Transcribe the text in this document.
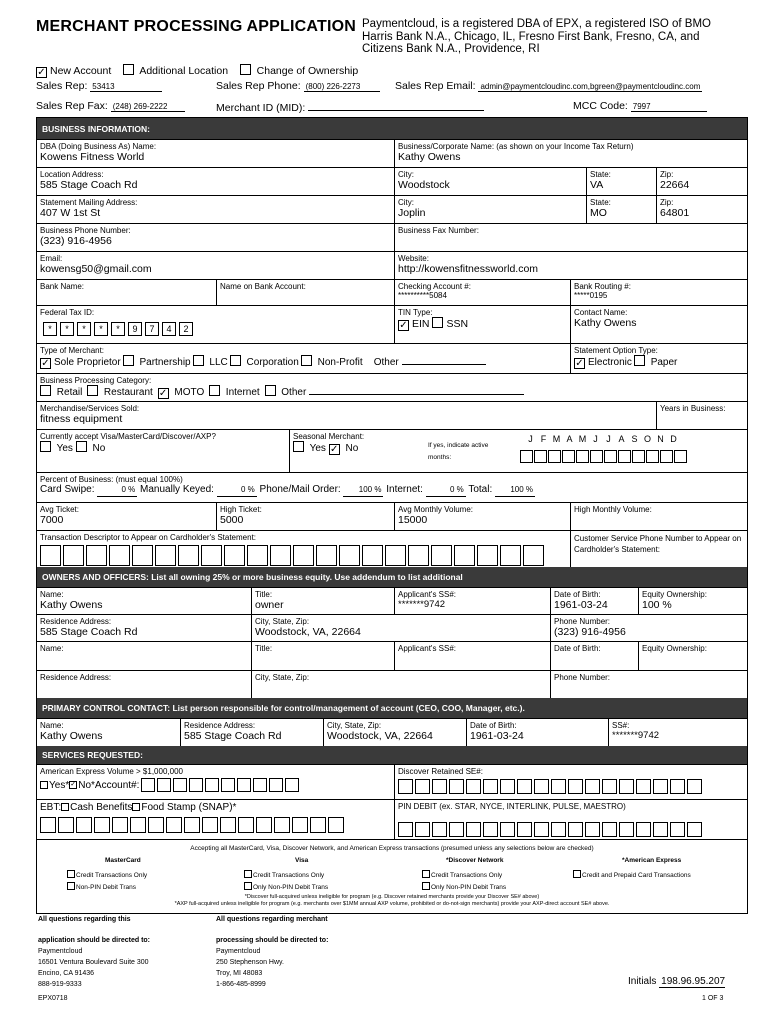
MERCHANT PROCESSING APPLICATION Paymentcloud, is a registered DBA of EPX, a registered ISO of BMO Harris Bank N.A., Chicago, IL, Fresno First Bank, Fresno, CA, and Citizens Bank N.A., Providence, RI
✓ New Account	Additional Location	Change of Ownership
Sales Rep: 53413	Sales Rep Phone: (800) 226-2273	Sales Rep Email: admin@paymentcloudinc.com,bgreen@paymentcloudinc.com
Sales Rep Fax: (248) 269-2222	Merchant ID (MID):	MCC Code: 7997
BUSINESS INFORMATION:
DBA (Doing Business As) Name:
Kowens Fitness World
Business/Corporate Name: (as shown on your Income Tax Return)
Kathy Owens
Location Address:
585 Stage Coach Rd
City:
Woodstock
State:
VA
Zip:
22664
Statement Mailing Address:
407 W 1st St
City:
Joplin
State:
MO
Zip:
64801
Business Phone Number:
(323) 916-4956
Business Fax Number:
Email:
kowensg50@gmail.com
Website:
http://kowensfitnessworld.com
Bank Name:	Name on Bank Account:	Checking Account #:
**********5084
Bank Routing #:
*****0195
Federal Tax ID:
*	*	*	*	*	9	7	4	2
TIN Type:
✓ EIN SSN
Contact Name:
Kathy Owens
Type of Merchant:
✓ Sole Proprietor Partnership LLC Corporation Non-Profit Other
Statement Option Type:
✓ Electronic Paper
Business Processing Category:
Retail Restaurant ✓ MOTO Internet Other
Merchandise/Services Sold:
fitness equipment
Years in Business:
Currently accept Visa/MasterCard/Discover/AXP?
Yes No
Seasonal Merchant:
Yes ✓ No	If yes, indicate active months:
J F M A M J J A S O N D
Percent of Business: (must equal 100%)
Card Swipe:	0 % Manually Keyed:	0 % Phone/Mail Order: 100 % Internet:	0 % Total: 100 %
Avg Ticket:
7000
High Ticket:
5000
Avg Monthly Volume:
15000
High Monthly Volume:
Transaction Descriptor to Appear on Cardholder's Statement:	Customer Service Phone Number to Appear on Cardholder's Statement:
OWNERS AND OFFICERS: List all owning 25% or more business equity. Use addendum to list additional
Name:
Kathy Owens
Title:
owner
Applicant's SS#:
*******9742
Date of Birth:
1961-03-24
Equity Ownership:
100 %
Residence Address:
585 Stage Coach Rd
City, State, Zip:
Woodstock, VA, 22664
Phone Number:
(323) 916-4956
Name:	Title:	Applicant's SS#:	Date of Birth:	Equity Ownership:
Residence Address:	City, State, Zip:	Phone Number:
PRIMARY CONTROL CONTACT: List person responsible for control/management of account (CEO, COO, Manager, etc.).
Name:
Kathy Owens
Residence Address:
585 Stage Coach Rd
City, State, Zip:
Woodstock, VA, 22664
Date of Birth:
1961-03-24
SS#:
*******9742
SERVICES REQUESTED:
American Express Volume > $1,000,000
Yes* ✓ No* Account#:
Discover Retained SE#:
EBT: Cash Benefits Food Stamp (SNAP)*	PIN DEBIT (ex. STAR, NYCE, INTERLINK, PULSE, MAESTRO)
Accepting all MasterCard, Visa, Discover Network, and American Express transactions (presumed unless any selections below are checked)
MasterCard	Visa	*Discover Network	*American Express
Credit Transactions Only	Credit Transactions Only	Credit Transactions Only	Credit and Prepaid Card Transactions
Non-PIN Debit Trans	Only Non-PIN Debit Trans	Only Non-PIN Debit Trans
*Discover full-acquired unless ineligible for program (e.g. Discover retained merchants provide your Discover SE# above)
*AXP full-acquired unless ineligible for program (e.g. merchants over $1MM annual AXP volume, prohibited or do-not-sign merchants) provide your AXP-direct account SE# above.
All questions regarding this
application should be directed to:
Paymentcloud
16501 Ventura Boulevard Suite 300
Encino, CA 91436
888-919-9333
All questions regarding merchant
processing should be directed to:
Paymentcloud
250 Stephenson Hwy.
Troy, MI 48083
1-866-485-8999	Initials 198.96.95.207
EPX0718	1 OF 3
